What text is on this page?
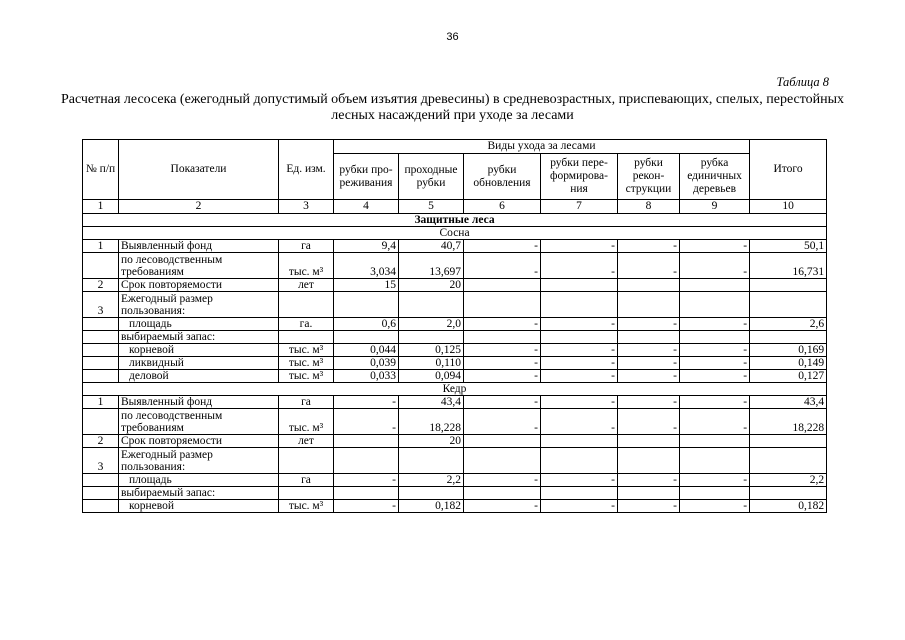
36
Таблица 8
Расчетная лесосека (ежегодный допустимый объем изъятия древесины) в средневозрастных, приспевающих, спелых, перестойных лесных насаждений при уходе за лесами
№ п/п	Показатели	Ед. изм.	Виды ухода за лесами						Итого
			рубки про-реживания	проходные рубки	рубки обновления	рубки пере-формирова-ния	рубки рекон-струкции	рубка единичных деревьев	
1	2	3	4	5	6	7	8	9	10
Защитные леса									
Сосна									
1	Выявленный фонд	га	9,4	40,7	-	-	-	-	50,1
	по лесоводственным требованиям	тыс. м³	3,034	13,697	-	-	-	-	16,731
2	Срок повторяемости	лет	15	20					
3	Ежегодный размер пользования:								
	площадь	га.	0,6	2,0	-	-	-	-	2,6
	выбираемый запас:								
	корневой	тыс. м³	0,044	0,125	-	-	-	-	0,169
	ликвидный	тыс. м³	0,039	0,110	-	-	-	-	0,149
	деловой	тыс. м³	0,033	0,094	-	-	-	-	0,127
Кедр									
1	Выявленный фонд	га	-	43,4	-	-	-	-	43,4
	по лесоводственным требованиям	тыс. м³	-	18,228	-	-	-	-	18,228
2	Срок повторяемости	лет		20					
3	Ежегодный размер пользования:								
	площадь	га	-	2,2	-	-	-	-	2,2
	выбираемый запас:								
	корневой	тыс. м³	-	0,182	-	-	-	-	0,182
